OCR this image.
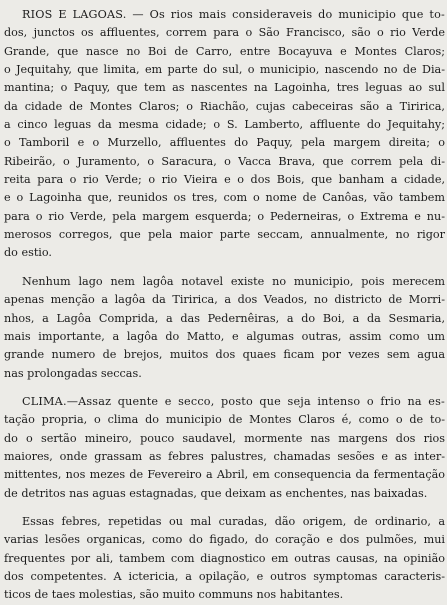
RIOS E LAGOAS. — Os rios mais consideraveis do municipio que to-
dos, junctos os affluentes, correm para o São Francisco, são o rio Verde
Grande, que nasce no Boi de Carro, entre Bocayuva e Montes Claros;
o Jequitahy, que limita, em parte do sul, o municipio, nascendo no de Dia-
mantina; o Paquy, que tem as nascentes na Lagoinha, tres leguas ao sul
da cidade de Montes Claros; o Riachão, cujas cabeceiras são a Tiririca,
a cinco leguas da mesma cidade; o S. Lamberto, affluente do Jequitahy;
o Tamboril e o Murzello, affluentes do Paquy, pela margem direita; o
Ribeirão, o Juramento, o Saracura, o Vacca Brava, que correm pela di-
reita para o rio Verde; o rio Vieira e o dos Bois, que banham a cidade,
e o Lagoinha que, reunidos os tres, com o nome de Canôas, vão tambem
para o rio Verde, pela margem esquerda; o Pederneiras, o Extrema e nu-
merosos corregos, que pela maior parte seccam, annualmente, no rigor
do estio.

Nenhum lago nem lagôa notavel existe no municipio, pois merecem
apenas menção a lagôa da Tiririca, a dos Veados, no districto de Morri-
nhos, a Lagôa Comprida, a das Pedernêiras, a do Boi, a da Sesmaria,
mais importante, a lagôa do Matto, e algumas outras, assim como um
grande numero de brejos, muitos dos quaes ficam por vezes sem agua
nas prolongadas seccas.

CLIMA.—Assaz quente e secco, posto que seja intenso o frio na es-
tação propria, o clima do municipio de Montes Claros é, como o de to-
do o sertão mineiro, pouco saudavel, mormente nas margens dos rios
maiores, onde grassam as febres palustres, chamadas sesões e as inter-
mittentes, nos mezes de Fevereiro a Abril, em consequencia da fermentação
de detritos nas aguas estagnadas, que deixam as enchentes, nas baixadas.

Essas febres, repetidas ou mal curadas, dão origem, de ordinario, a
varias lesões organicas, como do figado, do coração e dos pulmões, mui
frequentes por ali, tambem com diagnostico em outras causas, na opinião
dos competentes. A ictericia, a opilação, e outros symptomas caracteris-
ticos de taes molestias, são muito communs nos habitantes.
